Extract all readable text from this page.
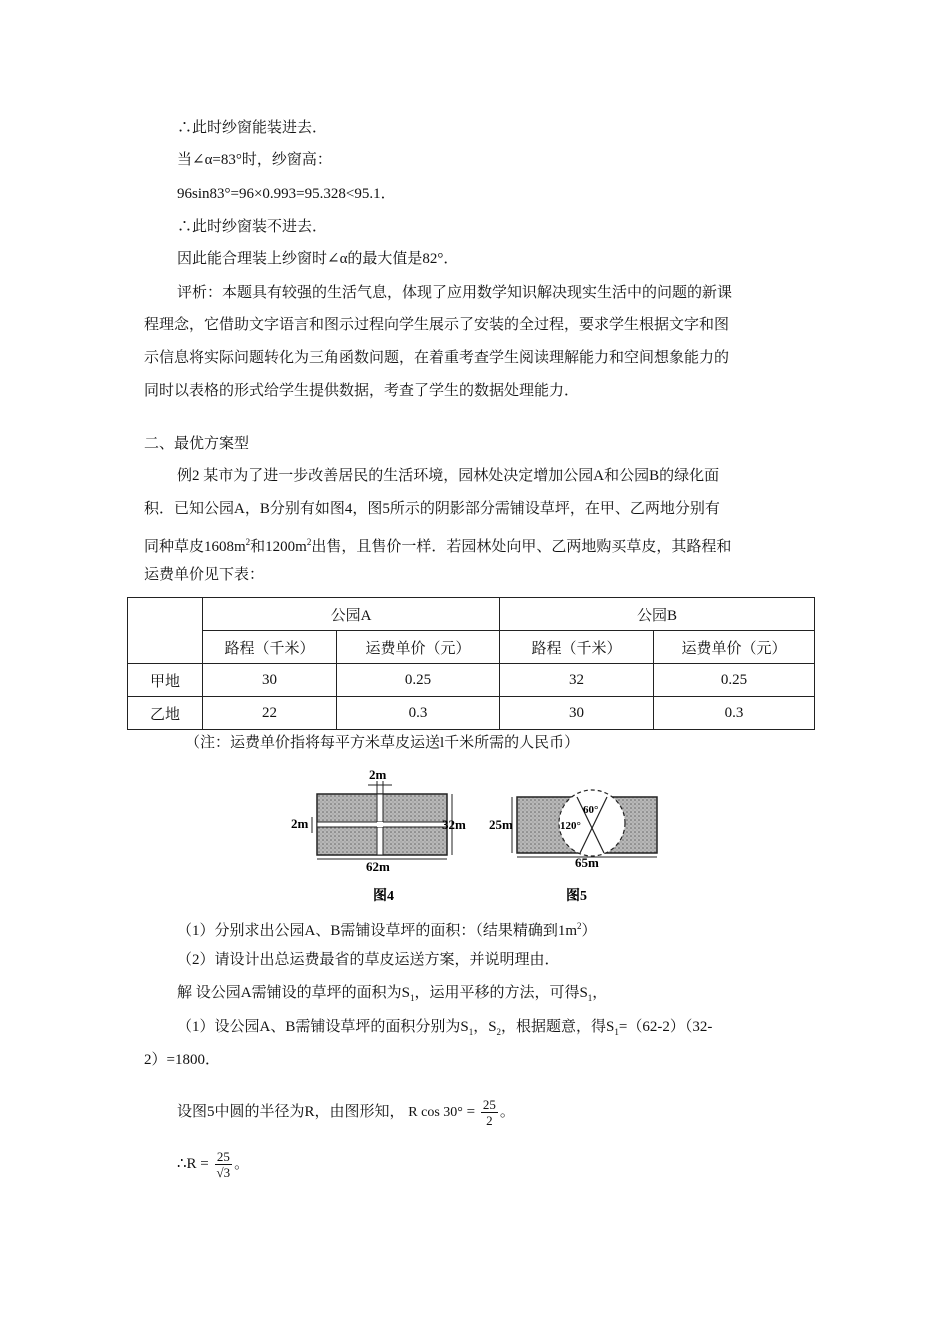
∴此时纱窗能装进去．
当∠α=83°时，纱窗高：
96sin83°=96×0.993=95.328<95.1．
∴此时纱窗装不进去．
因此能合理装上纱窗时∠α的最大值是82°．
评析：本题具有较强的生活气息，体现了应用数学知识解决现实生活中的问题的新课
程理念，它借助文字语言和图示过程向学生展示了安装的全过程，要求学生根据文字和图
示信息将实际问题转化为三角函数问题，在着重考查学生阅读理解能力和空间想象能力的
同时以表格的形式给学生提供数据，考查了学生的数据处理能力．
二、最优方案型
例2 某市为了进一步改善居民的生活环境，园林处决定增加公园A和公园B的绿化面
积．已知公园A，B分别有如图4，图5所示的阴影部分需铺设草坪，在甲、乙两地分别有
同种草皮$1608m^2$和$1200m^2$出售，且售价一样．若园林处向甲、乙两地购买草皮，其路程和
运费单价见下表：
	公园A		公园B	
	路程（千米）	运费单价（元）	路程（千米）	运费单价（元）
甲地	30	0.25	32	0.25
乙地	22	0.3	30	0.3
（注：运费单价指将每平方米草皮运送l千米所需的人民币）
2m
2m	32m
62m
图4
60°
120°
25m
65m
图5
（1）分别求出公园A、B需铺设草坪的面积：（结果精确到$1m^2$）
（2）请设计出总运费最省的草皮运送方案，并说明理由．
解 设公园A需铺设的草坪的面积为$S_1$，运用平移的方法，可得$S_1$，
（1）设公园A、B需铺设草坪的面积分别为$S_1$，$S_2$，根据题意，得$S_1=(62-2)(32-$
2）=1800．
设图5中圆的半径为R，由图形知， R $\cos 30^\circ = \frac{25}{2}$ 。
∴R = $\frac{25}{√3}$ 。
